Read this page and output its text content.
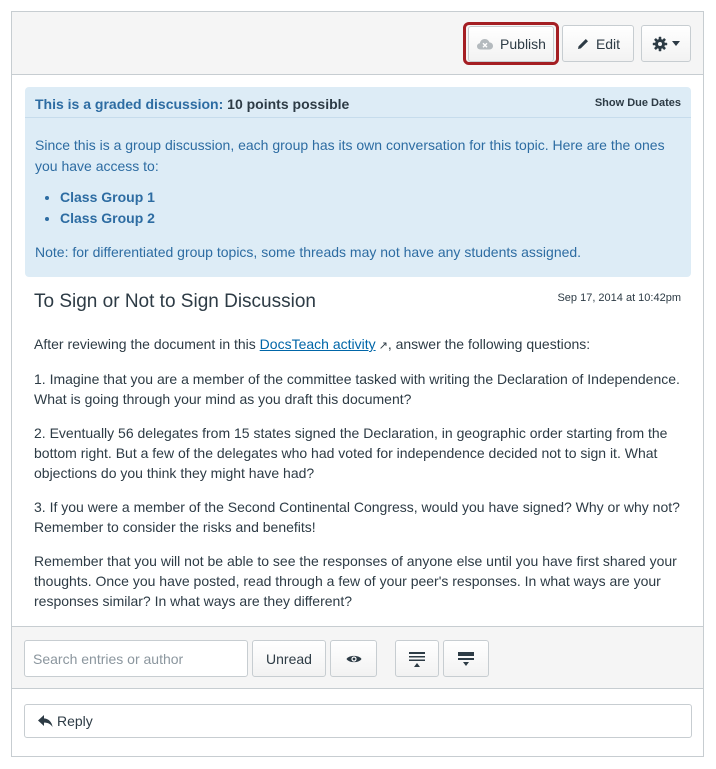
Publish	Edit
This is a graded discussion: 10 points possible	Show Due Dates
Since this is a group discussion, each group has its own conversation for this topic. Here are the ones you have access to:
• Class Group 1
• Class Group 2
Note: for differentiated group topics, some threads may not have any students assigned.
To Sign or Not to Sign Discussion	Sep 17, 2014 at 10:42pm

After reviewing the document in this DocsTeach activity ↗, answer the following questions:

1. Imagine that you are a member of the committee tasked with writing the Declaration of Independence. What is going through your mind as you draft this document?

2. Eventually 56 delegates from 15 states signed the Declaration, in geographic order starting from the bottom right. But a few of the delegates who had voted for independence decided not to sign it. What objections do you think they might have had?

3. If you were a member of the Second Continental Congress, would you have signed? Why or why not? Remember to consider the risks and benefits!

Remember that you will not be able to see the responses of anyone else until you have first shared your thoughts. Once you have posted, read through a few of your peer's responses. In what ways are your responses similar? In what ways are they different?

Search entries or author
Unread
Reply
